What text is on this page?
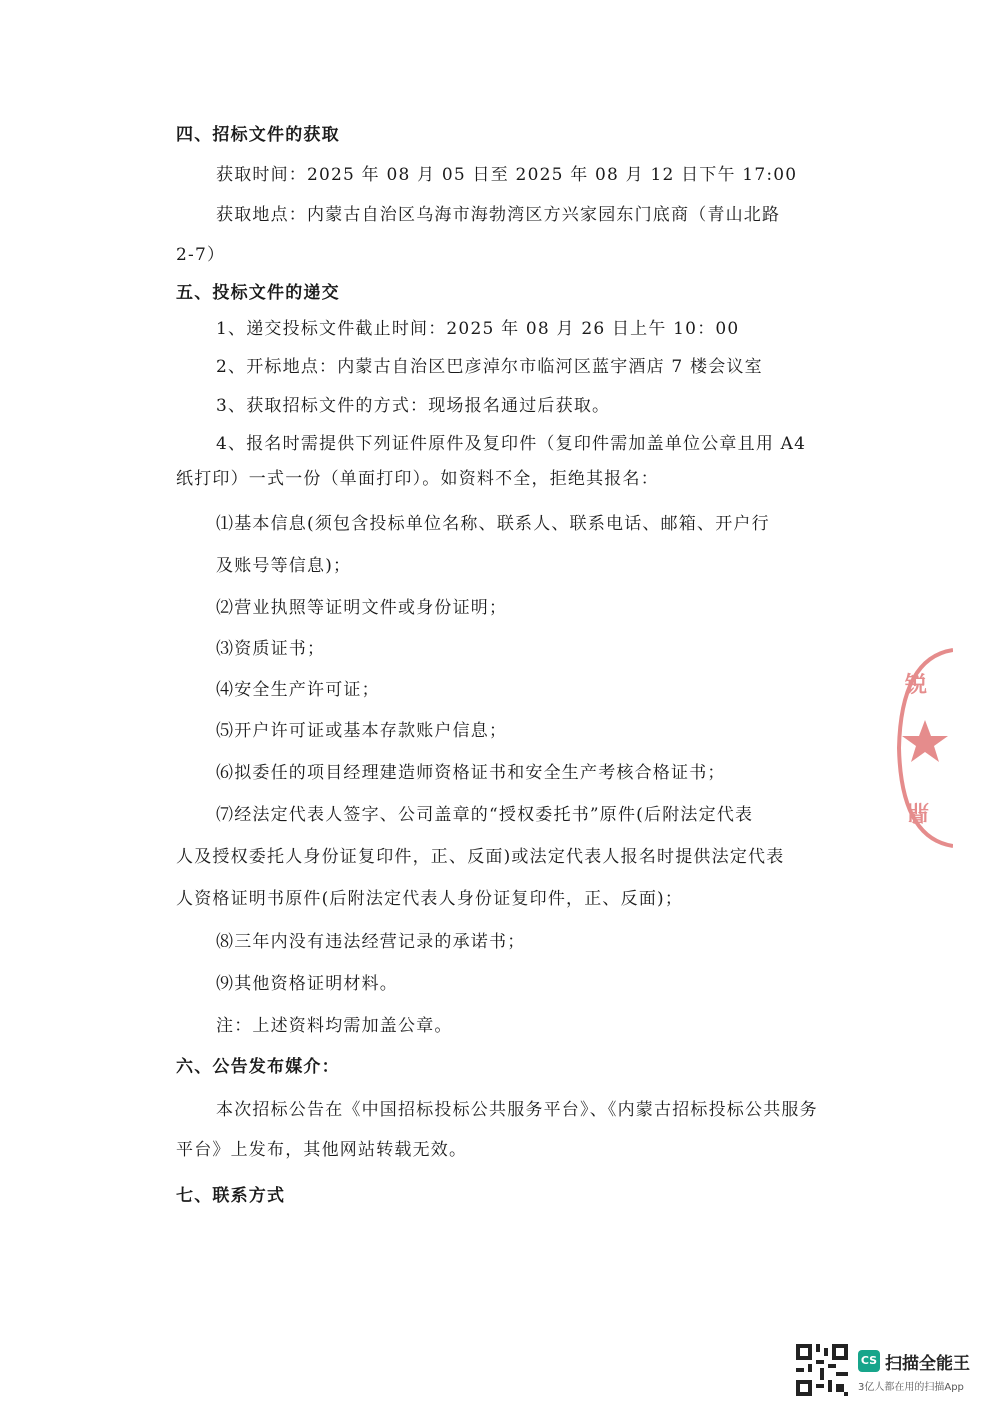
四、招标文件的获取
获取时间：2025 年 08 月 05 日至 2025 年 08 月 12 日下午 17:00
获取地点：内蒙古自治区乌海市海勃湾区方兴家园东门底商（青山北路
2-7）
五、投标文件的递交
1、递交投标文件截止时间：2025 年 08 月 26 日上午 10：00
2、开标地点：内蒙古自治区巴彦淖尔市临河区蓝宇酒店 7 楼会议室
3、获取招标文件的方式：现场报名通过后获取。
4、报名时需提供下列证件原件及复印件（复印件需加盖单位公章且用 A4
纸打印）一式一份（单面打印）。如资料不全，拒绝其报名：
⑴基本信息(须包含投标单位名称、联系人、联系电话、邮箱、开户行
及账号等信息)；
⑵营业执照等证明文件或身份证明；
⑶资质证书；
⑷安全生产许可证；
⑸开户许可证或基本存款账户信息；
⑹拟委任的项目经理建造师资格证书和安全生产考核合格证书；
⑺经法定代表人签字、公司盖章的“授权委托书”原件(后附法定代表
人及授权委托人身份证复印件，正、反面)或法定代表人报名时提供法定代表
人资格证明书原件(后附法定代表人身份证复印件，正、反面)；
⑻三年内没有违法经营记录的承诺书；
⑼其他资格证明材料。
注：上述资料均需加盖公章。
六、公告发布媒介：
本次招标公告在《中国招标投标公共服务平台》、《内蒙古招标投标公共服务
平台》上发布，其他网站转载无效。
七、联系方式
锐
鼎
CS 扫描全能王
3亿人都在用的扫描App
